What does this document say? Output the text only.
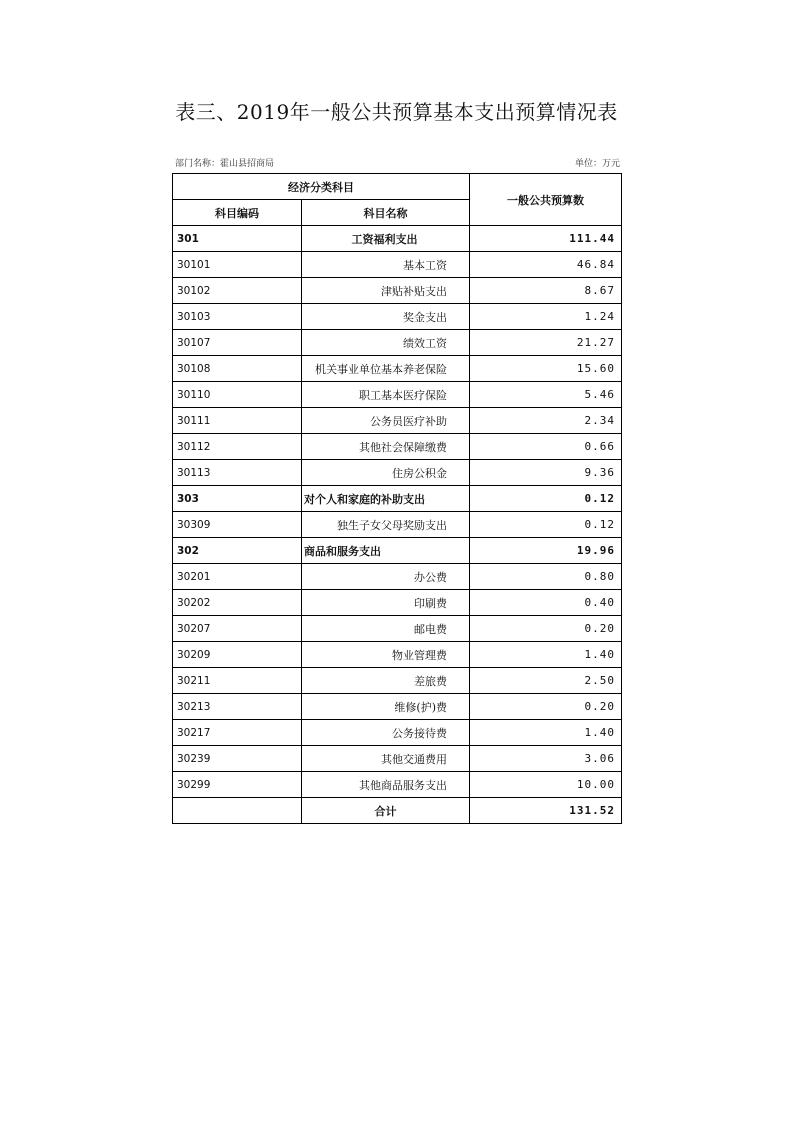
表三、2019年一般公共预算基本支出预算情况表
部门名称：霍山县招商局	单位：万元
经济分类科目		一般公共预算数
科目编码	科目名称	
301	工资福利支出	111.44
30101	基本工资	46.84
30102	津贴补贴支出	8.67
30103	奖金支出	1.24
30107	绩效工资	21.27
30108	机关事业单位基本养老保险	15.60
30110	职工基本医疗保险	5.46
30111	公务员医疗补助	2.34
30112	其他社会保障缴费	0.66
30113	住房公积金	9.36
303	对个人和家庭的补助支出	0.12
30309	独生子女父母奖励支出	0.12
302	商品和服务支出	19.96
30201	办公费	0.80
30202	印刷费	0.40
30207	邮电费	0.20
30209	物业管理费	1.40
30211	差旅费	2.50
30213	维修(护)费	0.20
30217	公务接待费	1.40
30239	其他交通费用	3.06
30299	其他商品服务支出	10.00
	合计	131.52
